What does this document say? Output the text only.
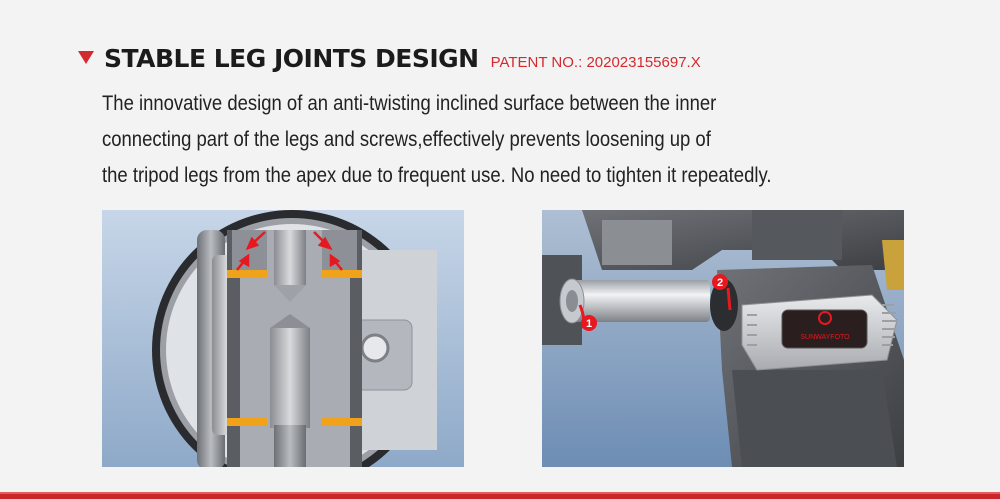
STABLE LEG JOINTS DESIGN PATENT NO.: 202023155697.X
The innovative design of an anti-twisting inclined surface between the inner
connecting part of the legs and screws,effectively prevents loosening up of
the tripod legs from the apex due to frequent use. No need to tighten it repeatedly.
SUNWAYFOTO
1
2
